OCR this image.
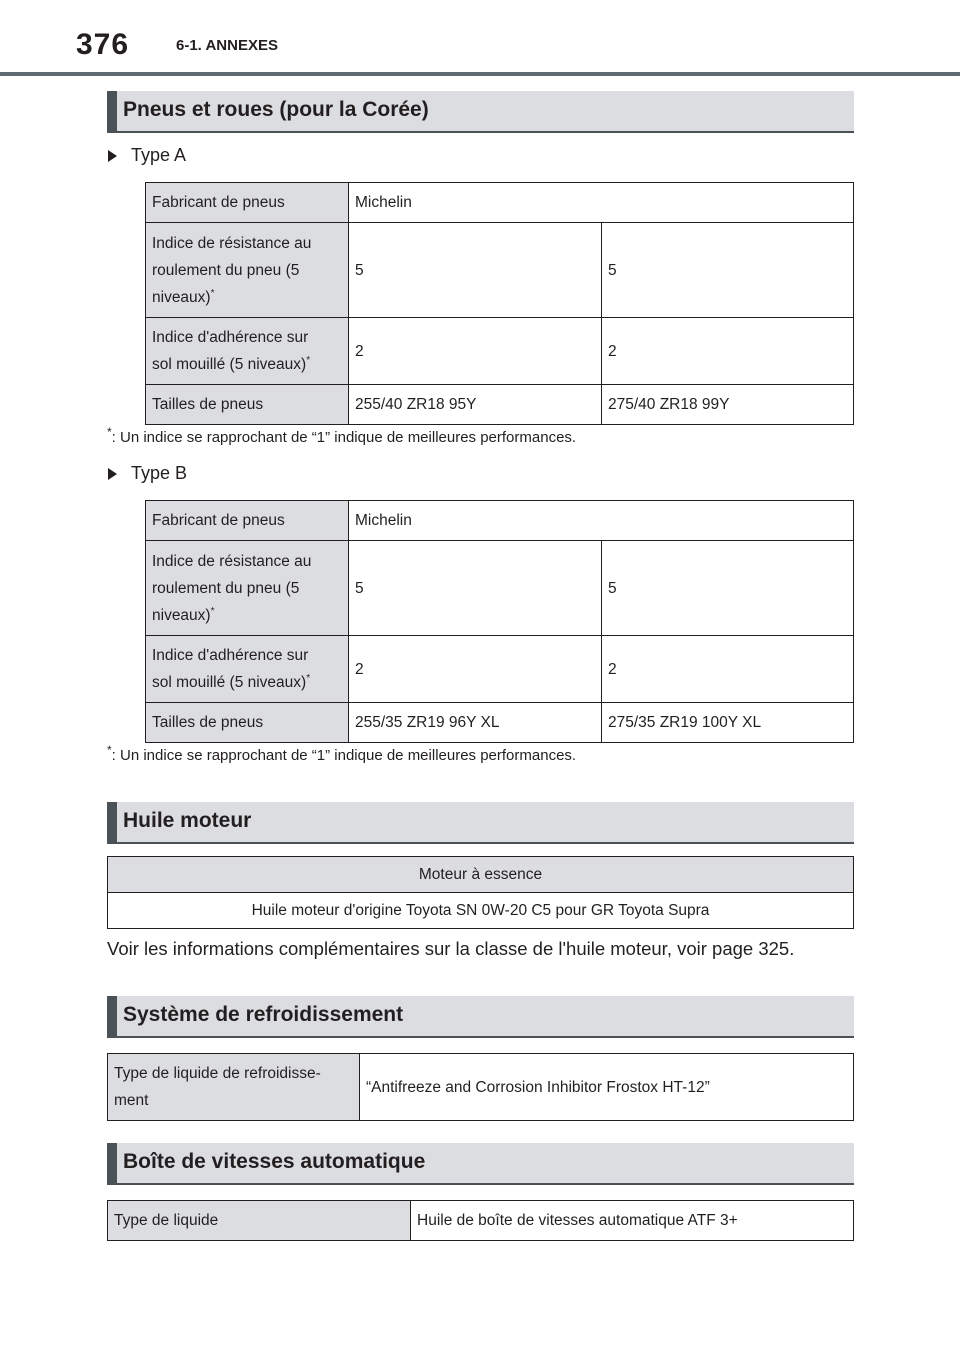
376	6-1. ANNEXES
Pneus et roues (pour la Corée)
Type A
Fabricant de pneus	Michelin	
Indice de résistance au
roulement du pneu (5
niveaux)*	5	5
Indice d'adhérence sur
sol mouillé (5 niveaux)*	2	2
Tailles de pneus	255/40 ZR18 95Y	275/40 ZR18 99Y
*: Un indice se rapprochant de “1” indique de meilleures performances.
Type B
Fabricant de pneus	Michelin	
Indice de résistance au
roulement du pneu (5
niveaux)*	5	5
Indice d'adhérence sur
sol mouillé (5 niveaux)*	2	2
Tailles de pneus	255/35 ZR19 96Y XL	275/35 ZR19 100Y XL
*: Un indice se rapprochant de “1” indique de meilleures performances.
Huile moteur
Moteur à essence
Huile moteur d'origine Toyota SN 0W-20 C5 pour GR Toyota Supra
Voir les informations complémentaires sur la classe de l'huile moteur, voir page 325.
Système de refroidissement
Type de liquide de refroidisse-
ment	“Antifreeze and Corrosion Inhibitor Frostox HT-12”
Boîte de vitesses automatique
Type de liquide	Huile de boîte de vitesses automatique ATF 3+
